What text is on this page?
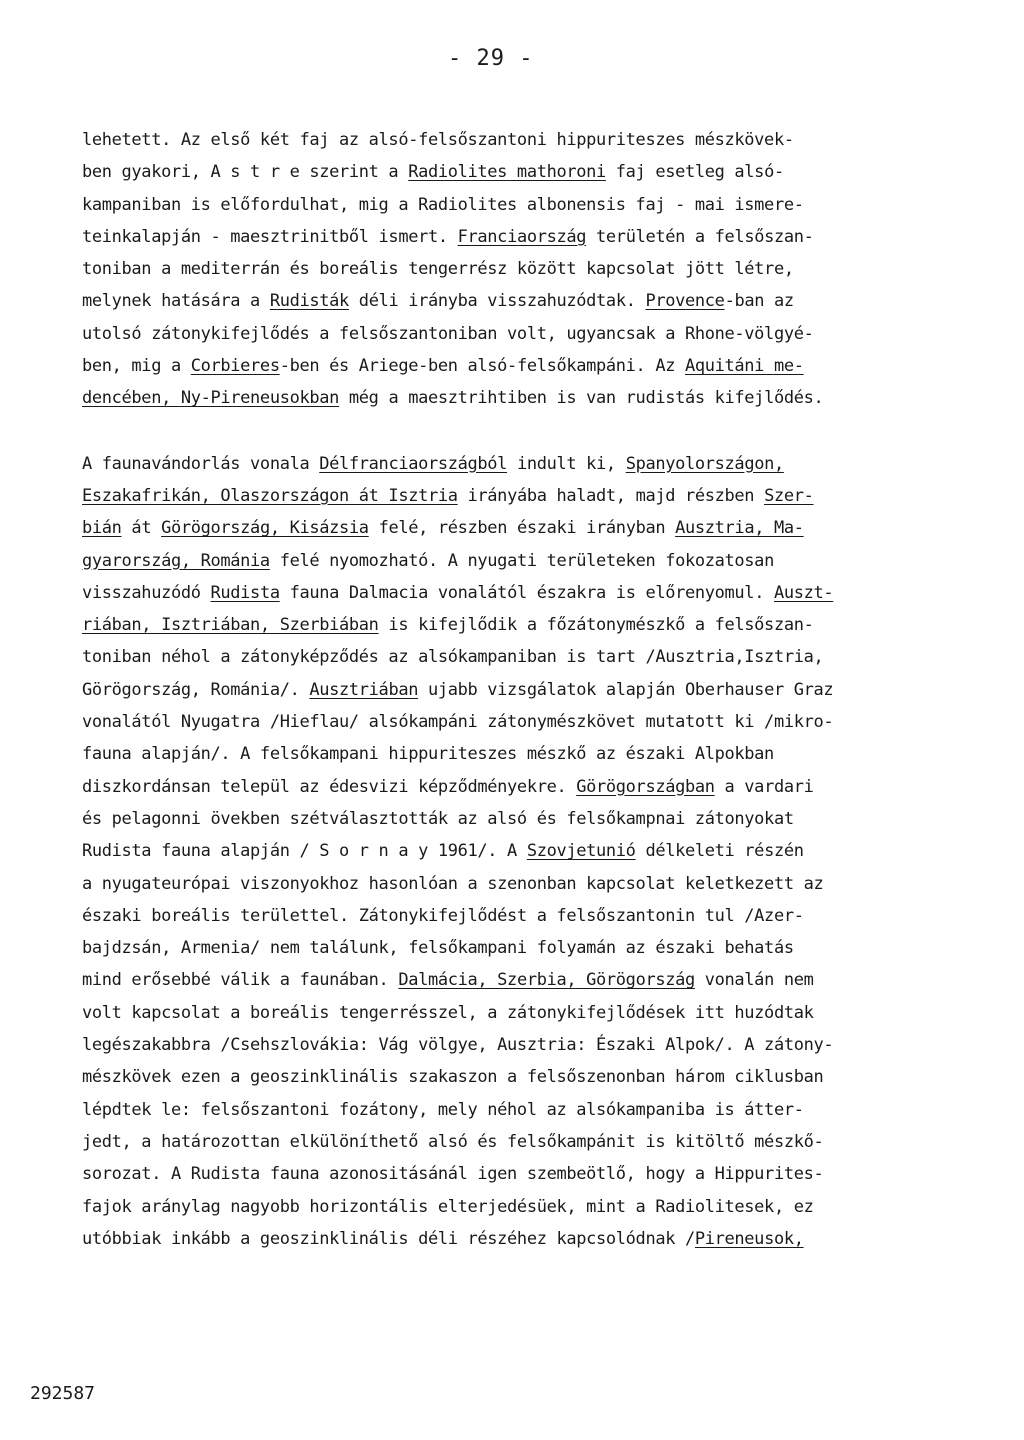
- 29 -
lehetett. Az első két faj az alsó-felsőszantoni hippuriteszes mészkövek-
ben gyakori, A s t r e szerint a Radiolites mathoroni faj esetleg alsó-
kampaniban is előfordulhat, mig a Radiolites albonensis faj - mai ismere-
teinkalapján - maesztrinitből ismert. Franciaország területén a felsőszan-
toniban a mediterrán és boreális tengerrész között kapcsolat jött létre,
melynek hatására a Rudisták déli irányba visszahuzódtak. Provence-ban az
utolsó zátonykifejlődés a felsőszantoniban volt, ugyancsak a Rhone-völgyé-
ben, mig a Corbieres-ben és Ariege-ben alsó-felsőkampáni. Az Aquitáni me-
dencében, Ny-Pireneusokban még a maesztrihtiben is van rudistás kifejlődés.
A faunavándorlás vonala Délfranciaországból indult ki, Spanyolországon,
Eszakafrikán, Olaszországon át Isztria irányába haladt, majd részben Szer-
bián át Görögország, Kisázsia felé, részben északi irányban Ausztria, Ma-
gyarország, Románia felé nyomozható. A nyugati területeken fokozatosan
visszahuzódó Rudista fauna Dalmacia vonalától északra is előrenyomul. Auszt-
riában, Isztriában, Szerbiában is kifejlődik a főzátonymészkő a felsőszan-
toniban néhol a zátonyképződés az alsókampaniban is tart /Ausztria,Isztria,
Görögország, Románia/. Ausztriában ujabb vizsgálatok alapján Oberhauser Graz
vonalától Nyugatra /Hieflau/ alsókampáni zátonymészkövet mutatott ki /mikro-
fauna alapján/. A felsőkampani hippuriteszes mészkő az északi Alpokban
diszkordánsan települ az édesvizi képződményekre. Görögországban a vardari
és pelagonni övekben szétválasztották az alsó és felsőkampnai zátonyokat
Rudista fauna alapján / S o r n a y 1961/. A Szovjetunió délkeleti részén
a nyugateurópai viszonyokhoz hasonlóan a szenonban kapcsolat keletkezett az
északi boreális területtel. Zátonykifejlődést a felsőszantonin tul /Azer-
bajdzsán, Armenia/ nem találunk, felsőkampani folyamán az északi behatás
mind erősebbé válik a faunában. Dalmácia, Szerbia, Görögország vonalán nem
volt kapcsolat a boreális tengerrésszel, a zátonykifejlődések itt huzódtak
legészakabbra /Csehszlovákia: Vág völgye, Ausztria: Északi Alpok/. A zátony-
mészkövek ezen a geoszinklinális szakaszon a felsőszenonban három ciklusban
lépdtek le: felsőszantoni fozátony, mely néhol az alsókampaniba is átter-
jedt, a határozottan elkülöníthető alsó és felsőkampánit is kitöltő mészkő-
sorozat. A Rudista fauna azonositásánál igen szembeötlő, hogy a Hippurites-
fajok aránylag nagyobb horizontális elterjedésüek, mint a Radiolitesek, ez
utóbbiak inkább a geoszinklinális déli részéhez kapcsolódnak /Pireneusok,
292587
